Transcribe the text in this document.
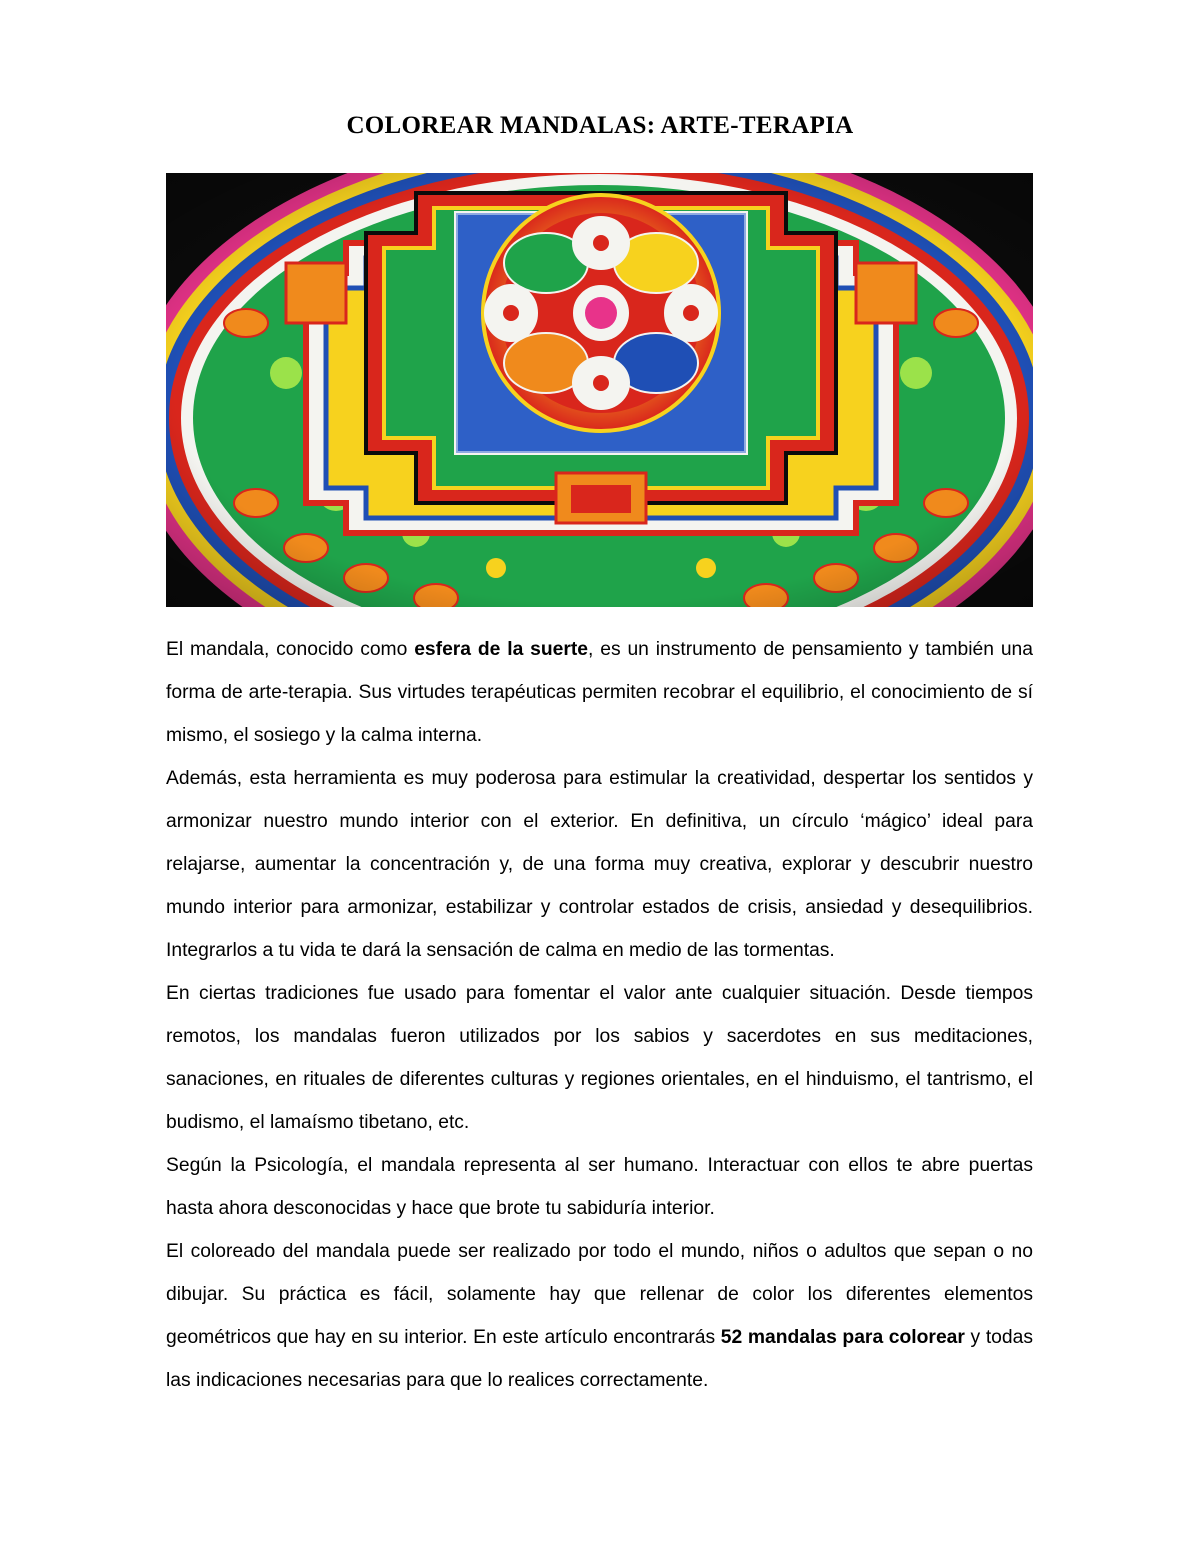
COLOREAR MANDALAS: ARTE-TERAPIA

El mandala, conocido como esfera de la suerte, es un instrumento de pensamiento y también una forma de arte-terapia. Sus virtudes terapéuticas permiten recobrar el equilibrio, el conocimiento de sí mismo, el sosiego y la calma interna.

Además, esta herramienta es muy poderosa para estimular la creatividad, despertar los sentidos y armonizar nuestro mundo interior con el exterior. En definitiva, un círculo ‘mágico’ ideal para relajarse, aumentar la concentración y, de una forma muy creativa, explorar y descubrir nuestro mundo interior para armonizar, estabilizar y controlar estados de crisis, ansiedad y desequilibrios. Integrarlos a tu vida te dará la sensación de calma en medio de las tormentas.

En ciertas tradiciones fue usado para fomentar el valor ante cualquier situación. Desde tiempos remotos, los mandalas fueron utilizados por los sabios y sacerdotes en sus meditaciones, sanaciones, en rituales de diferentes culturas y regiones orientales, en el hinduismo, el tantrismo, el budismo, el lamaísmo tibetano, etc.

Según la Psicología, el mandala representa al ser humano. Interactuar con ellos te abre puertas hasta ahora desconocidas y hace que brote tu sabiduría interior.

El coloreado del mandala puede ser realizado por todo el mundo, niños o adultos que sepan o no dibujar. Su práctica es fácil, solamente hay que rellenar de color los diferentes elementos geométricos que hay en su interior. En este artículo encontrarás 52 mandalas para colorear y todas las indicaciones necesarias para que lo realices correctamente.
